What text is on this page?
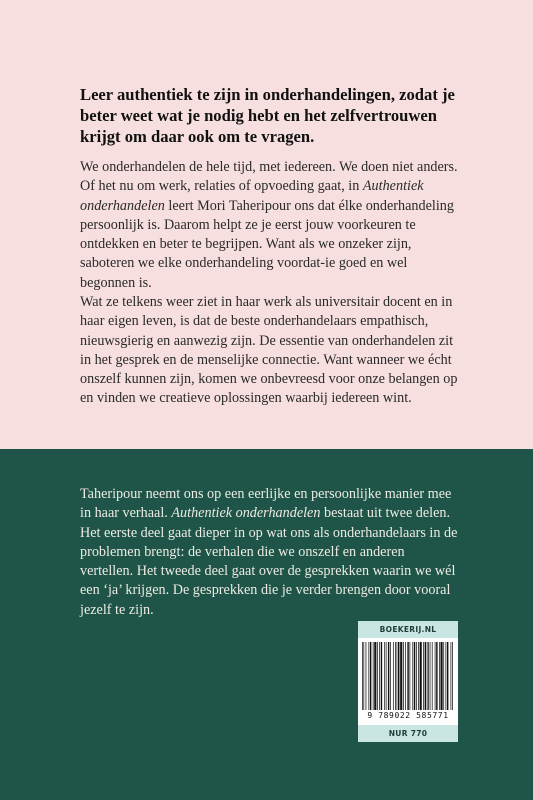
Leer authentiek te zijn in onderhandelingen, zodat je beter weet wat je nodig hebt en het zelfvertrouwen krijgt om daar ook om te vragen.
We onderhandelen de hele tijd, met iedereen. We doen niet anders. Of het nu om werk, relaties of opvoeding gaat, in Authentiek onderhandelen leert Mori Taheripour ons dat élke onderhandeling persoonlijk is. Daarom helpt ze je eerst jouw voorkeuren te ontdekken en beter te begrijpen. Want als we onzeker zijn, saboteren we elke onderhandeling voordat-ie goed en wel begonnen is.
Wat ze telkens weer ziet in haar werk als universitair docent en in haar eigen leven, is dat de beste onderhandelaars empathisch, nieuwsgierig en aanwezig zijn. De essentie van onderhandelen zit in het gesprek en de menselijke connectie. Want wanneer we écht onszelf kunnen zijn, komen we onbevreesd voor onze belangen op en vinden we creatieve oplossingen waarbij iedereen wint.
Taheripour neemt ons op een eerlijke en persoonlijke manier mee in haar verhaal. Authentiek onderhandelen bestaat uit twee delen. Het eerste deel gaat dieper in op wat ons als onderhandelaars in de problemen brengt: de verhalen die we onszelf en anderen vertellen. Het tweede deel gaat over de gesprekken waarin we wél een ‘ja’ krijgen. De gesprekken die je verder brengen door vooral jezelf te zijn.
BOEKERIJ.NL
9 789022 585771
NUR 770
